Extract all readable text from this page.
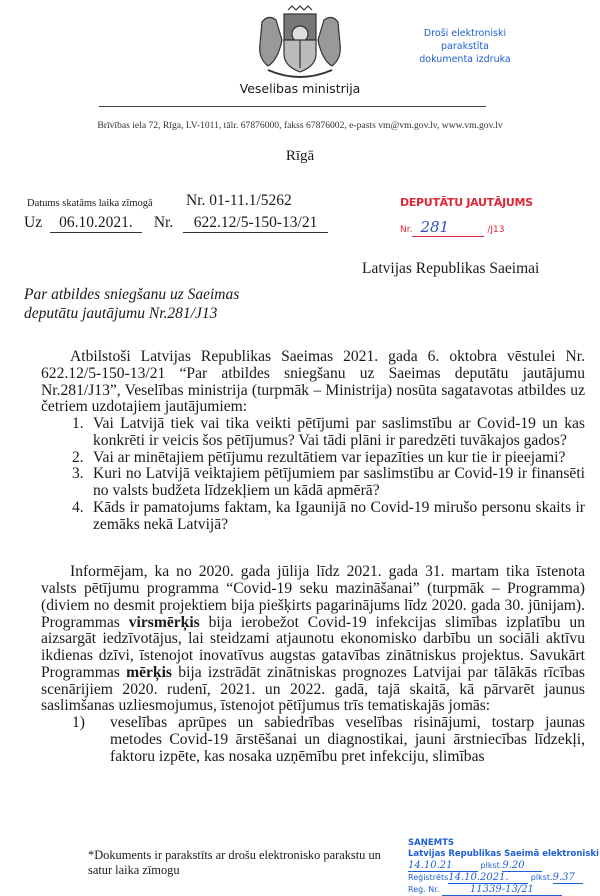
Veselibas ministrija
Brīvības iela 72, Rīga, LV-1011, tālr. 67876000, fakss 67876002, e-pasts vm@vm.gov.lv, www.vm.gov.lv
Droši elektroniski parakstīta
dokumenta izdruka
Rīgā
Datums skatāms laika zīmogā Nr. 01-11.1/5262
Uz 06.10.2021. Nr. 622.12/5-150-13/21
DEPUTĀTU JAUTĀJUMS
Nr. 281	/J13
Latvijas Republikas Saeimai
Par atbildes sniegšanu uz Saeimas
deputātu jautājumu Nr.281/J13
Atbilstoši Latvijas Republikas Saeimas 2021. gada 6. oktobra vēstulei Nr. 622.12/5-150-13/21 “Par atbildes sniegšanu uz Saeimas deputātu jautājumu Nr.281/J13”, Veselības ministrija (turpmāk – Ministrija) nosūta sagatavotas atbildes uz četriem uzdotajiem jautājumiem:
1. Vai Latvijā tiek vai tika veikti pētījumi par saslimstību ar Covid-19 un kas konkrēti ir veicis šos pētījumus? Vai tādi plāni ir paredzēti tuvākajos gados?
2. Vai ar minētajiem pētījumu rezultātiem var iepazīties un kur tie ir pieejami?
3. Kuri no Latvijā veiktajiem pētījumiem par saslimstību ar Covid-19 ir finansēti no valsts budžeta līdzekļiem un kādā apmērā?
4. Kāds ir pamatojums faktam, ka Igaunijā no Covid-19 mirušo personu skaits ir zemāks nekā Latvijā?
Informējam, ka no 2020. gada jūlija līdz 2021. gada 31. martam tika īstenota valsts pētījumu programma “Covid-19 seku mazināšanai” (turpmāk – Programma) (diviem no desmit projektiem bija piešķirts pagarinājums līdz 2020. gada 30. jūnijam). Programmas virsmērķis bija ierobežot Covid-19 infekcijas slimības izplatību un aizsargāt iedzīvotājus, lai steidzami atjaunotu ekonomisko darbību un sociāli aktīvu ikdienas dzīvi, īstenojot inovatīvus augstas gatavības zinātniskus projektus. Savukārt Programmas mērķis bija izstrādāt zinātniskas prognozes Latvijai par tālākās rīcības scenārijiem 2020. rudenī, 2021. un 2022. gadā, tajā skaitā, kā pārvarēt jaunus saslimšanas uzliesmojumus, īstenojot pētījumus trīs tematiskajās jomās:
1) veselības aprūpes un sabiedrības veselības risinājumi, tostarp jaunas metodes Covid-19 ārstēšanai un diagnostikai, jauni ārstniecības līdzekļi, faktoru izpēte, kas nosaka uzņēmību pret infekciju, slimības
*Dokuments ir parakstīts ar drošu elektronisko parakstu un satur laika zīmogu
SAŅEMTS
Latvijas Republikas Saeimā elektroniski
14.10.21	plkst.9.20
Reģistrēts14.10.2021.	plkst.9.37
Reģ. Nr.	11339-13/21
